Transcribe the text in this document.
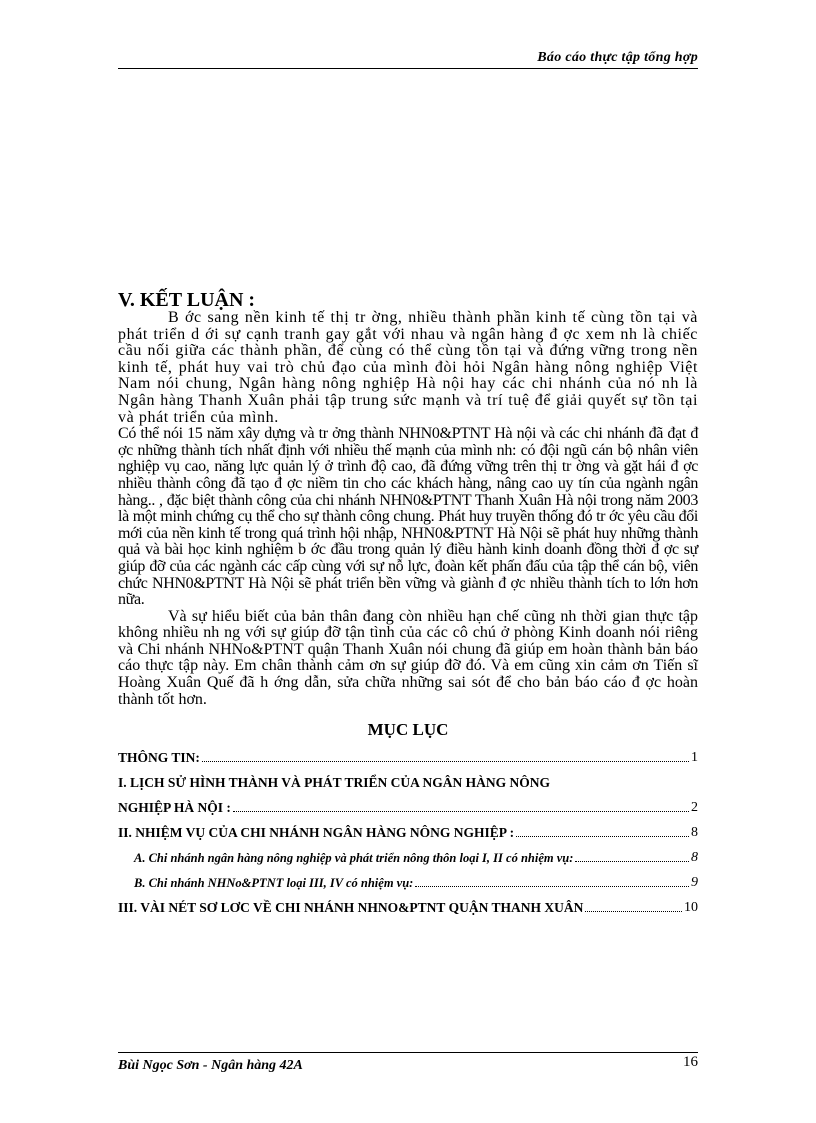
Báo cáo thực tập tổng hợp
V. KẾT LUẬN :

B ớc sang nền kinh tế thị tr ờng, nhiều thành phần kinh tế cùng tồn tại và phát triển d ới sự cạnh tranh gay gắt với nhau và ngân hàng đ ợc xem nh là chiếc cầu nối giữa các thành phần, để cùng có thể cùng tồn tại và đứng vững trong nền kinh tế, phát huy vai trò chủ đạo của mình đòi hỏi Ngân hàng nông nghiệp Việt Nam nói chung, Ngân hàng nông nghiệp Hà nội hay các chi nhánh của nó nh là Ngân hàng Thanh Xuân phải tập trung sức mạnh và trí tuệ để giải quyết sự tồn tại và phát triển của mình.

Có thể nói 15 năm xây dựng và tr ởng thành NHN0&PTNT Hà nội và các chi nhánh đã đạt đ ợc những thành tích nhất định với nhiều thế mạnh của mình nh: có đội ngũ cán bộ nhân viên nghiệp vụ cao, năng lực quản lý ở trình độ cao, đã đứng vững trên thị tr ờng và gặt hái đ ợc nhiều thành công đã tạo đ ợc niềm tin cho các khách hàng, nâng cao uy tín của ngành ngân hàng.. , đặc biệt thành công của chi nhánh NHN0&PTNT Thanh Xuân Hà nội trong năm 2003 là một minh chứng cụ thể cho sự thành công chung. Phát huy truyền thống đó tr ớc yêu cầu đổi mới của nền kinh tế trong quá trình hội nhập, NHN0&PTNT Hà Nội sẽ phát huy những thành quả và bài học kinh nghiệm b ớc đầu trong quản lý điều hành kinh doanh đồng thời đ ợc sự giúp đỡ của các ngành các cấp cùng với sự nỗ lực, đoàn kết phấn đấu của tập thể cán bộ, viên chức NHN0&PTNT Hà Nội sẽ phát triển bền vững và giành đ ợc nhiều thành tích to lớn hơn nữa.

Và sự hiểu biết của bản thân đang còn nhiều hạn chế cũng nh thời gian thực tập không nhiều nh ng với sự giúp đỡ tận tình của các cô chú ở phòng Kinh doanh nói riêng và Chi nhánh NHNo&PTNT quận Thanh Xuân nói chung đã giúp em hoàn thành bản báo cáo thực tập này. Em chân thành cảm ơn sự giúp đỡ đó. Và em cũng xin cảm ơn Tiến sĩ Hoàng Xuân Quế đã h ớng dẫn, sửa chữa những sai sót để cho bản báo cáo đ ợc hoàn thành tốt hơn.

MỤC LỤC
THÔNG TIN:	1
I. LỊCH SỬ HÌNH THÀNH VÀ PHÁT TRIỂN CỦA NGÂN HÀNG NÔNG
NGHIỆP HÀ NỘI :	2
II. NHIỆM VỤ CỦA CHI NHÁNH NGÂN HÀNG NÔNG NGHIỆP :	8
A. Chi nhánh ngân hàng nông nghiệp và phát triển nông thôn loại I, II có nhiệm vụ:	8
B. Chi nhánh NHNo&PTNT loại III, IV có nhiệm vụ:	9
III. VÀI NÉT SƠ LƠC VỀ CHI NHÁNH NHNO&PTNT QUẬN THANH XUÂN	10
Bùi Ngọc Sơn - Ngân hàng 42A	16
